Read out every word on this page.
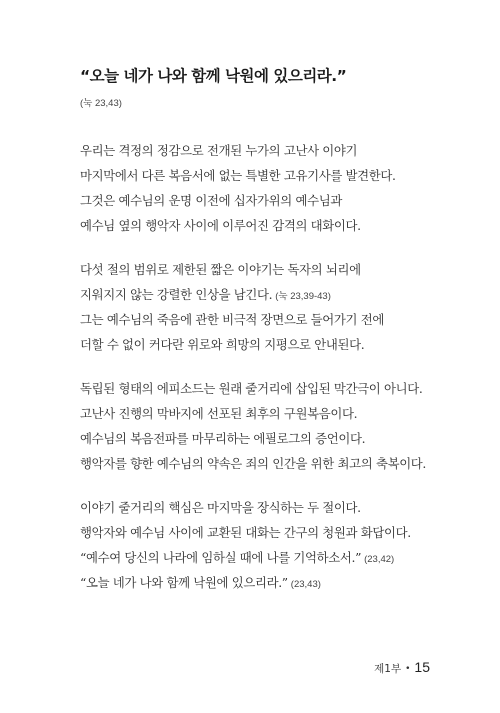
“오늘 네가 나와 함께 낙원에 있으리라.”
(눅 23,43)
우리는 격정의 정감으로 전개된 누가의 고난사 이야기
마지막에서 다른 복음서에 없는 특별한 고유기사를 발견한다.
그것은 예수님의 운명 이전에 십자가위의 예수님과
예수님 옆의 행악자 사이에 이루어진 감격의 대화이다.
다섯 절의 범위로 제한된 짧은 이야기는 독자의 뇌리에
지워지지 않는 강렬한 인상을 남긴다. (눅 23,39-43)
그는 예수님의 죽음에 관한 비극적 장면으로 들어가기 전에
더할 수 없이 커다란 위로와 희망의 지평으로 안내된다.
독립된 형태의 에피소드는 원래 줄거리에 삽입된 막간극이 아니다.
고난사 진행의 막바지에 선포된 최후의 구원복음이다.
예수님의 복음전파를 마무리하는 에필로그의 증언이다.
행악자를 향한 예수님의 약속은 죄의 인간을 위한 최고의 축복이다.
이야기 줄거리의 핵심은 마지막을 장식하는 두 절이다.
행악자와 예수님 사이에 교환된 대화는 간구의 청원과 화답이다.
“예수여 당신의 나라에 임하실 때에 나를 기억하소서.” (23,42)
“오늘 네가 나와 함께 낙원에 있으리라.” (23,43)
제1부 • 15
